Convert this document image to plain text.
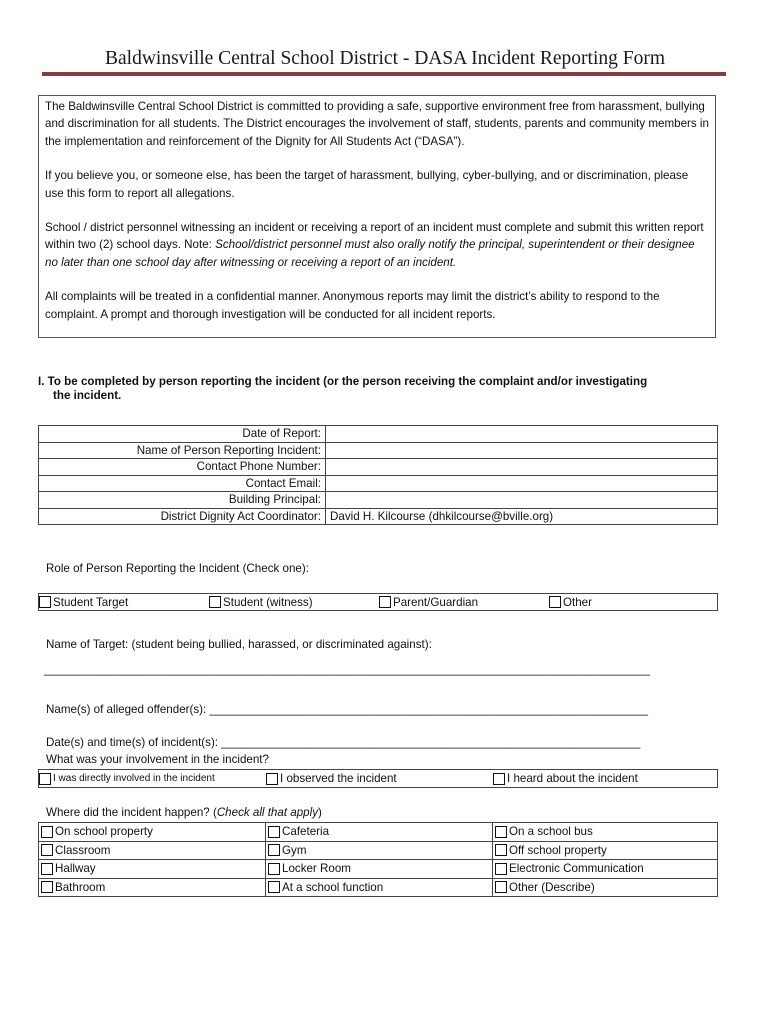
Baldwinsville Central School District - DASA Incident Reporting Form

The Baldwinsville Central School District is committed to providing a safe, supportive environment free from harassment, bullying and discrimination for all students. The District encourages the involvement of staff, students, parents and community members in the implementation and reinforcement of the Dignity for All Students Act (“DASA”).

If you believe you, or someone else, has been the target of harassment, bullying, cyber-bullying, and or discrimination, please use this form to report all allegations.

School / district personnel witnessing an incident or receiving a report of an incident must complete and submit this written report within two (2) school days. Note: School/district personnel must also orally notify the principal, superintendent or their designee no later than one school day after witnessing or receiving a report of an incident.

All complaints will be treated in a confidential manner. Anonymous reports may limit the district’s ability to respond to the complaint. A prompt and thorough investigation will be conducted for all incident reports.

I. To be completed by person reporting the incident (or the person receiving the complaint and/or investigating
the incident.
Date of Report:	
Name of Person Reporting Incident:	
Contact Phone Number:	
Contact Email:	
Building Principal:	
District Dignity Act Coordinator:	David H. Kilcourse (dhkilcourse@bville.org)
Role of Person Reporting the Incident (Check one):
Student Target	Student (witness)	Parent/Guardian	Other
Name of Target: (student being bullied, harassed, or discriminated against):
______________________________________________________________________________________________
Name(s) of alleged offender(s): ____________________________________________________________________
Date(s) and time(s) of incident(s): _________________________________________________________________
What was your involvement in the incident?
I was directly involved in the incident	I observed the incident	I heard about the incident
Where did the incident happen? (Check all that apply)
On school property	Cafeteria	On a school bus

Classroom	Gym	Off school property

Hallway	Locker Room	Electronic Communication

Bathroom	At a school function	Other (Describe)
